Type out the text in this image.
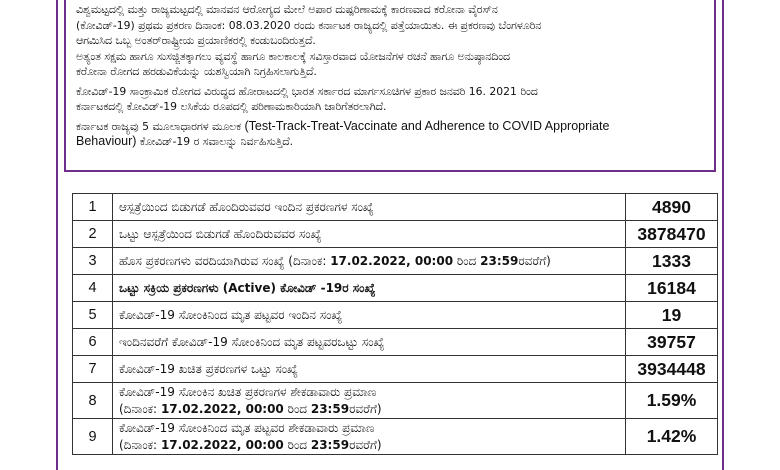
ವಿಶ್ವಮಟ್ಟದಲ್ಲಿ ಮತ್ತು ರಾಜ್ಯಮಟ್ಟದಲ್ಲಿ ಮಾನವನ ಆರೋಗ್ಯದ ಮೇಲೆ ಅಪಾರ ದುಷ್ಪರಿಣಾಮಕ್ಕೆ ಕಾರಣವಾದ ಕರೋನಾ ವೈರಸ್‌ನ
(ಕೋವಿಡ್-19) ಪ್ರಥಮ ಪ್ರಕರಣ ದಿನಾಂಕ: 08.03.2020 ರಂದು ಕರ್ನಾಟಕ ರಾಜ್ಯದಲ್ಲಿ ಪತ್ತೆಯಾಯಿತು. ಈ ಪ್ರಕರಣವು ಬೆಂಗಳೂರಿನ
ಆಗಮಿಸಿದ ಒಬ್ಬ ಅಂತರ್‌ರಾಷ್ಟ್ರೀಯ ಪ್ರಯಾಣಿಕರಲ್ಲಿ ಕಂಡುಬಂದಿರುತ್ತದೆ.

ಅತ್ಯಂತ ಸಕ್ಷಮ ಹಾಗೂ ಸುಸಜ್ಜಿತಕ್ಕಾಗಲು ವ್ಯವಸ್ಥೆ ಹಾಗೂ ಕಾಲಕಾಲಕ್ಕೆ ಸವಿಸ್ತಾರವಾದ ಯೋಜನೆಗಳ ರಚನೆ ಹಾಗೂ ಅನುಷ್ಠಾನದಿಂದ
ಕರೋನಾ ರೋಗದ ಹರಡುವಿಕೆಯನ್ನು ಯಶಸ್ವಿಯಾಗಿ ನಿಗ್ರಹಿಸಲಾಗುತ್ತಿದೆ.

ಕೋವಿಡ್-19 ಸಾಂಕ್ರಾಮಿಕ ರೋಗದ ವಿರುದ್ಧದ ಹೋರಾಟದಲ್ಲಿ ಭಾರತ ಸರ್ಕಾರದ ಮಾರ್ಗಸೂಚಿಗಳ ಪ್ರಕಾರ ಜನವರಿ 16. 2021 ರಿಂದ
ಕರ್ನಾಟಕದಲ್ಲಿ ಕೋವಿಡ್-19 ಲಸಿಕೆಯ ರೂಪದಲ್ಲಿ ಪರಿಣಾಮಕಾರಿಯಾಗಿ ಜಾರಿಗೆತರಲಾಗಿದೆ.

ಕರ್ನಾಟಕ ರಾಜ್ಯವು 5 ಮೂಲಾಧಾರಗಳ ಮೂಲಕ (Test-Track-Treat-Vaccinate and Adherence to COVID Appropriate
Behaviour) ಕೋವಿಡ್-19 ರ ಸವಾಲನ್ನು ನಿರ್ವಹಿಸುತ್ತಿದೆ.

1	ಆಸ್ಪತ್ರೆಯಿಂದ ಬಿಡುಗಡೆ ಹೊಂದಿರುವವರ ಇಂದಿನ ಪ್ರಕರಣಗಳ ಸಂಖ್ಯೆ	4890
2	ಒಟ್ಟು ಆಸ್ಪತ್ರೆಯಿಂದ ಬಿಡುಗಡೆ ಹೊಂದಿರುವವರ ಸಂಖ್ಯೆ	3878470
3	ಹೊಸ ಪ್ರಕರಣಗಳು ವರದಿಯಾಗಿರುವ ಸಂಖ್ಯೆ (ದಿನಾಂಕ: 17.02.2022, 00:00 ರಿಂದ 23:59ರವರೆಗೆ)	1333
4	ಒಟ್ಟು ಸಕ್ರಿಯ ಪ್ರಕರಣಗಳು (Active) ಕೋವಿಡ್ -19ರ ಸಂಖ್ಯೆ	16184
5	ಕೋವಿಡ್-19 ಸೋಂಕಿನಿಂದ ಮೃತ ಪಟ್ಟವರ ಇಂದಿನ ಸಂಖ್ಯೆ	19
6	ಇಂದಿನವರೆಗೆ ಕೋವಿಡ್-19 ಸೋಂಕಿನಿಂದ ಮೃತ ಪಟ್ಟವರಒಟ್ಟು ಸಂಖ್ಯೆ	39757
7	ಕೋವಿಡ್-19 ಖಚಿತ ಪ್ರಕರಣಗಳ ಒಟ್ಟು ಸಂಖ್ಯೆ	3934448
8	ಕೋವಿಡ್-19 ಸೋಂಕಿನ ಖಚಿತ ಪ್ರಕರಣಗಳ ಶೇಕಡಾವಾರು ಪ್ರಮಾಣ
(ದಿನಾಂಕ: 17.02.2022, 00:00 ರಿಂದ 23:59ರವರೆಗೆ)	1.59%
9	ಕೋವಿಡ್-19 ಸೋಂಕಿನಿಂದ ಮೃತ ಪಟ್ಟವರ ಶೇಕಡಾವಾರು ಪ್ರಮಾಣ
(ದಿನಾಂಕ: 17.02.2022, 00:00 ರಿಂದ 23:59ರವರೆಗೆ)	1.42%
